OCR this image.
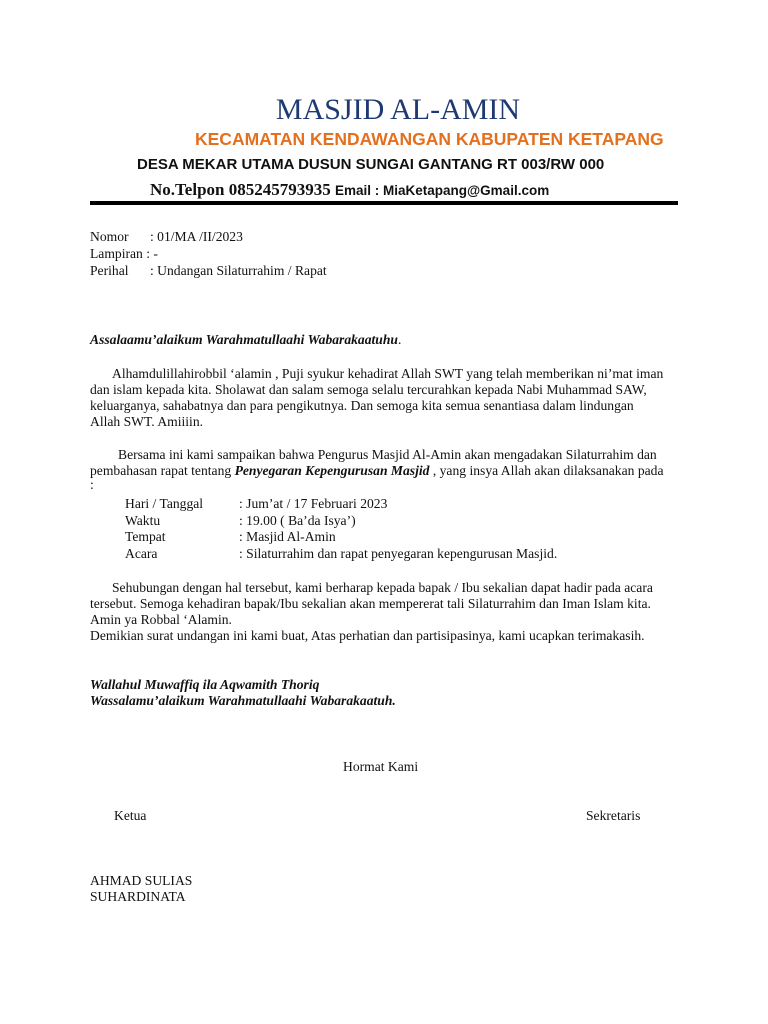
MASJID AL-AMIN
KECAMATAN KENDAWANGAN KABUPATEN KETAPANG
DESA MEKAR UTAMA DUSUN SUNGAI GANTANG RT 003/RW 000
No.Telpon 085245793935 Email : MiaKetapang@Gmail.com
Nomor : 01/MA /II/2023
Lampiran : -
Perihal : Undangan Silaturrahim / Rapat
Assalaamu’alaikum Warahmatullaahi Wabarakaatuhu.
Alhamdulillahirobbil ‘alamin , Puji syukur kehadirat Allah SWT yang telah memberikan ni’mat iman
dan islam kepada kita. Sholawat dan salam semoga selalu tercurahkan kepada Nabi Muhammad SAW,
keluarganya, sahabatnya dan para pengikutnya. Dan semoga kita semua senantiasa dalam lindungan
Allah SWT. Amiiiin.
Bersama ini kami sampaikan bahwa Pengurus Masjid Al-Amin akan mengadakan Silaturrahim dan
pembahasan rapat tentang Penyegaran Kepengurusan Masjid , yang insya Allah akan dilaksanakan pada
:
Hari / Tanggal	: Jum’at / 17 Februari 2023
Waktu	: 19.00 ( Ba’da Isya’)
Tempat	: Masjid Al-Amin
Acara	: Silaturrahim dan rapat penyegaran kepengurusan Masjid.
Sehubungan dengan hal tersebut, kami berharap kepada bapak / Ibu sekalian dapat hadir pada acara
tersebut. Semoga kehadiran bapak/Ibu sekalian akan mempererat tali Silaturrahim dan Iman Islam kita.
Amin ya Robbal ‘Alamin.
Demikian surat undangan ini kami buat, Atas perhatian dan partisipasinya, kami ucapkan terimakasih.
Wallahul Muwaffiq ila Aqwamith Thoriq
Wassalamu’alaikum Warahmatullaahi Wabarakaatuh.
Hormat Kami
Ketua	Sekretaris
AHMAD SULIAS
SUHARDINATA
